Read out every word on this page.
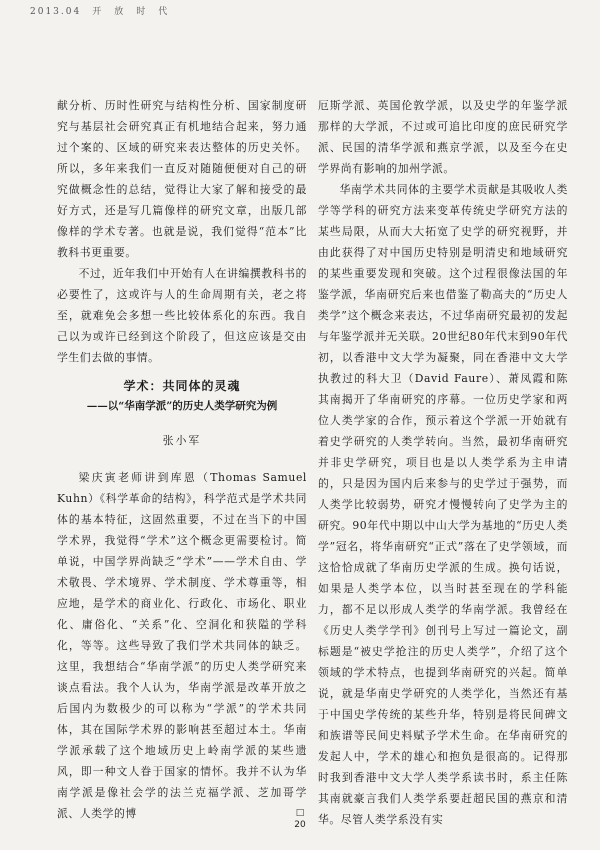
2013.04　开　放　时　代

献分析、历时性研究与结构性分析、国家制度研究与基层社会研究真正有机地结合起来，努力通过个案的、区域的研究来表达整体的历史关怀。所以，多年来我们一直反对随随便便对自己的研究做概念性的总结，觉得让大家了解和接受的最好方式，还是写几篇像样的研究文章，出版几部像样的学术专著。也就是说，我们觉得“范本”比教科书更重要。

不过，近年我们中开始有人在讲编撰教科书的必要性了，这或许与人的生命周期有关，老之将至，就难免会多想一些比较体系化的东西。我自己以为或许已经到这个阶段了，但这应该是交由学生们去做的事情。

学术：共同体的灵魂
——以“华南学派”的历史人类学研究为例
张小军

梁庆寅老师讲到库恩（Thomas Samuel Kuhn）《科学革命的结构》，科学范式是学术共同体的基本特征，这固然重要，不过在当下的中国学术界，我觉得“学术”这个概念更需要检讨。简单说，中国学界尚缺乏“学术”——学术自由、学术敬畏、学术境界、学术制度、学术尊重等，相应地，是学术的商业化、行政化、市场化、职业化、庸俗化、“关系”化、空洞化和狭隘的学科化，等等。这些导致了我们学术共同体的缺乏。这里，我想结合“华南学派”的历史人类学研究来谈点看法。我个人认为，华南学派是改革开放之后国内为数极少的可以称为“学派”的学术共同体，其在国际学术界的影响甚至超过本土。华南学派承载了这个地域历史上岭南学派的某些遗风，即一种文人眷于国家的情怀。我并不认为华南学派是像社会学的法兰克福学派、芝加哥学派、人类学的博

厄斯学派、英国伦敦学派，以及史学的年鉴学派那样的大学派，不过或可追比印度的庶民研究学派、民国的清华学派和燕京学派，以及至今在史学界尚有影响的加州学派。

华南学术共同体的主要学术贡献是其吸收人类学等学科的研究方法来变革传统史学研究方法的某些局限，从而大大拓宽了史学的研究视野，并由此获得了对中国历史特别是明清史和地域研究的某些重要发现和突破。这个过程很像法国的年鉴学派，华南研究后来也借鉴了勒高夫的“历史人类学”这个概念来表达，不过华南研究最初的发起与年鉴学派并无关联。20世纪80年代末到90年代初，以香港中文大学为凝聚，同在香港中文大学执教过的科大卫（David Faure）、萧凤霞和陈其南揭开了华南研究的序幕。一位历史学家和两位人类学家的合作，预示着这个学派一开始就有着史学研究的人类学转向。当然，最初华南研究并非史学研究，项目也是以人类学系为主申请的，只是因为国内后来参与的史学过于强势，而人类学比较弱势，研究才慢慢转向了史学为主的研究。90年代中期以中山大学为基地的“历史人类学”冠名，将华南研究“正式”落在了史学领域，而这恰恰成就了华南历史学派的生成。换句话说，如果是人类学本位，以当时甚至现在的学科能力，都不足以形成人类学的华南学派。我曾经在《历史人类学学刊》创刊号上写过一篇论文，副标题是“被史学抢注的历史人类学”，介绍了这个领域的学术特点，也提到华南研究的兴起。简单说，就是华南史学研究的人类学化，当然还有基于中国史学传统的某些升华，特别是将民间碑文和族谱等民间史料赋予学术生命。在华南研究的发起人中，学术的雄心和抱负是很高的。记得那时我到香港中文大学人类学系读书时，系主任陈其南就豪言我们人类学系要赶超民国的燕京和清华。尽管人类学系没有实

□
20
